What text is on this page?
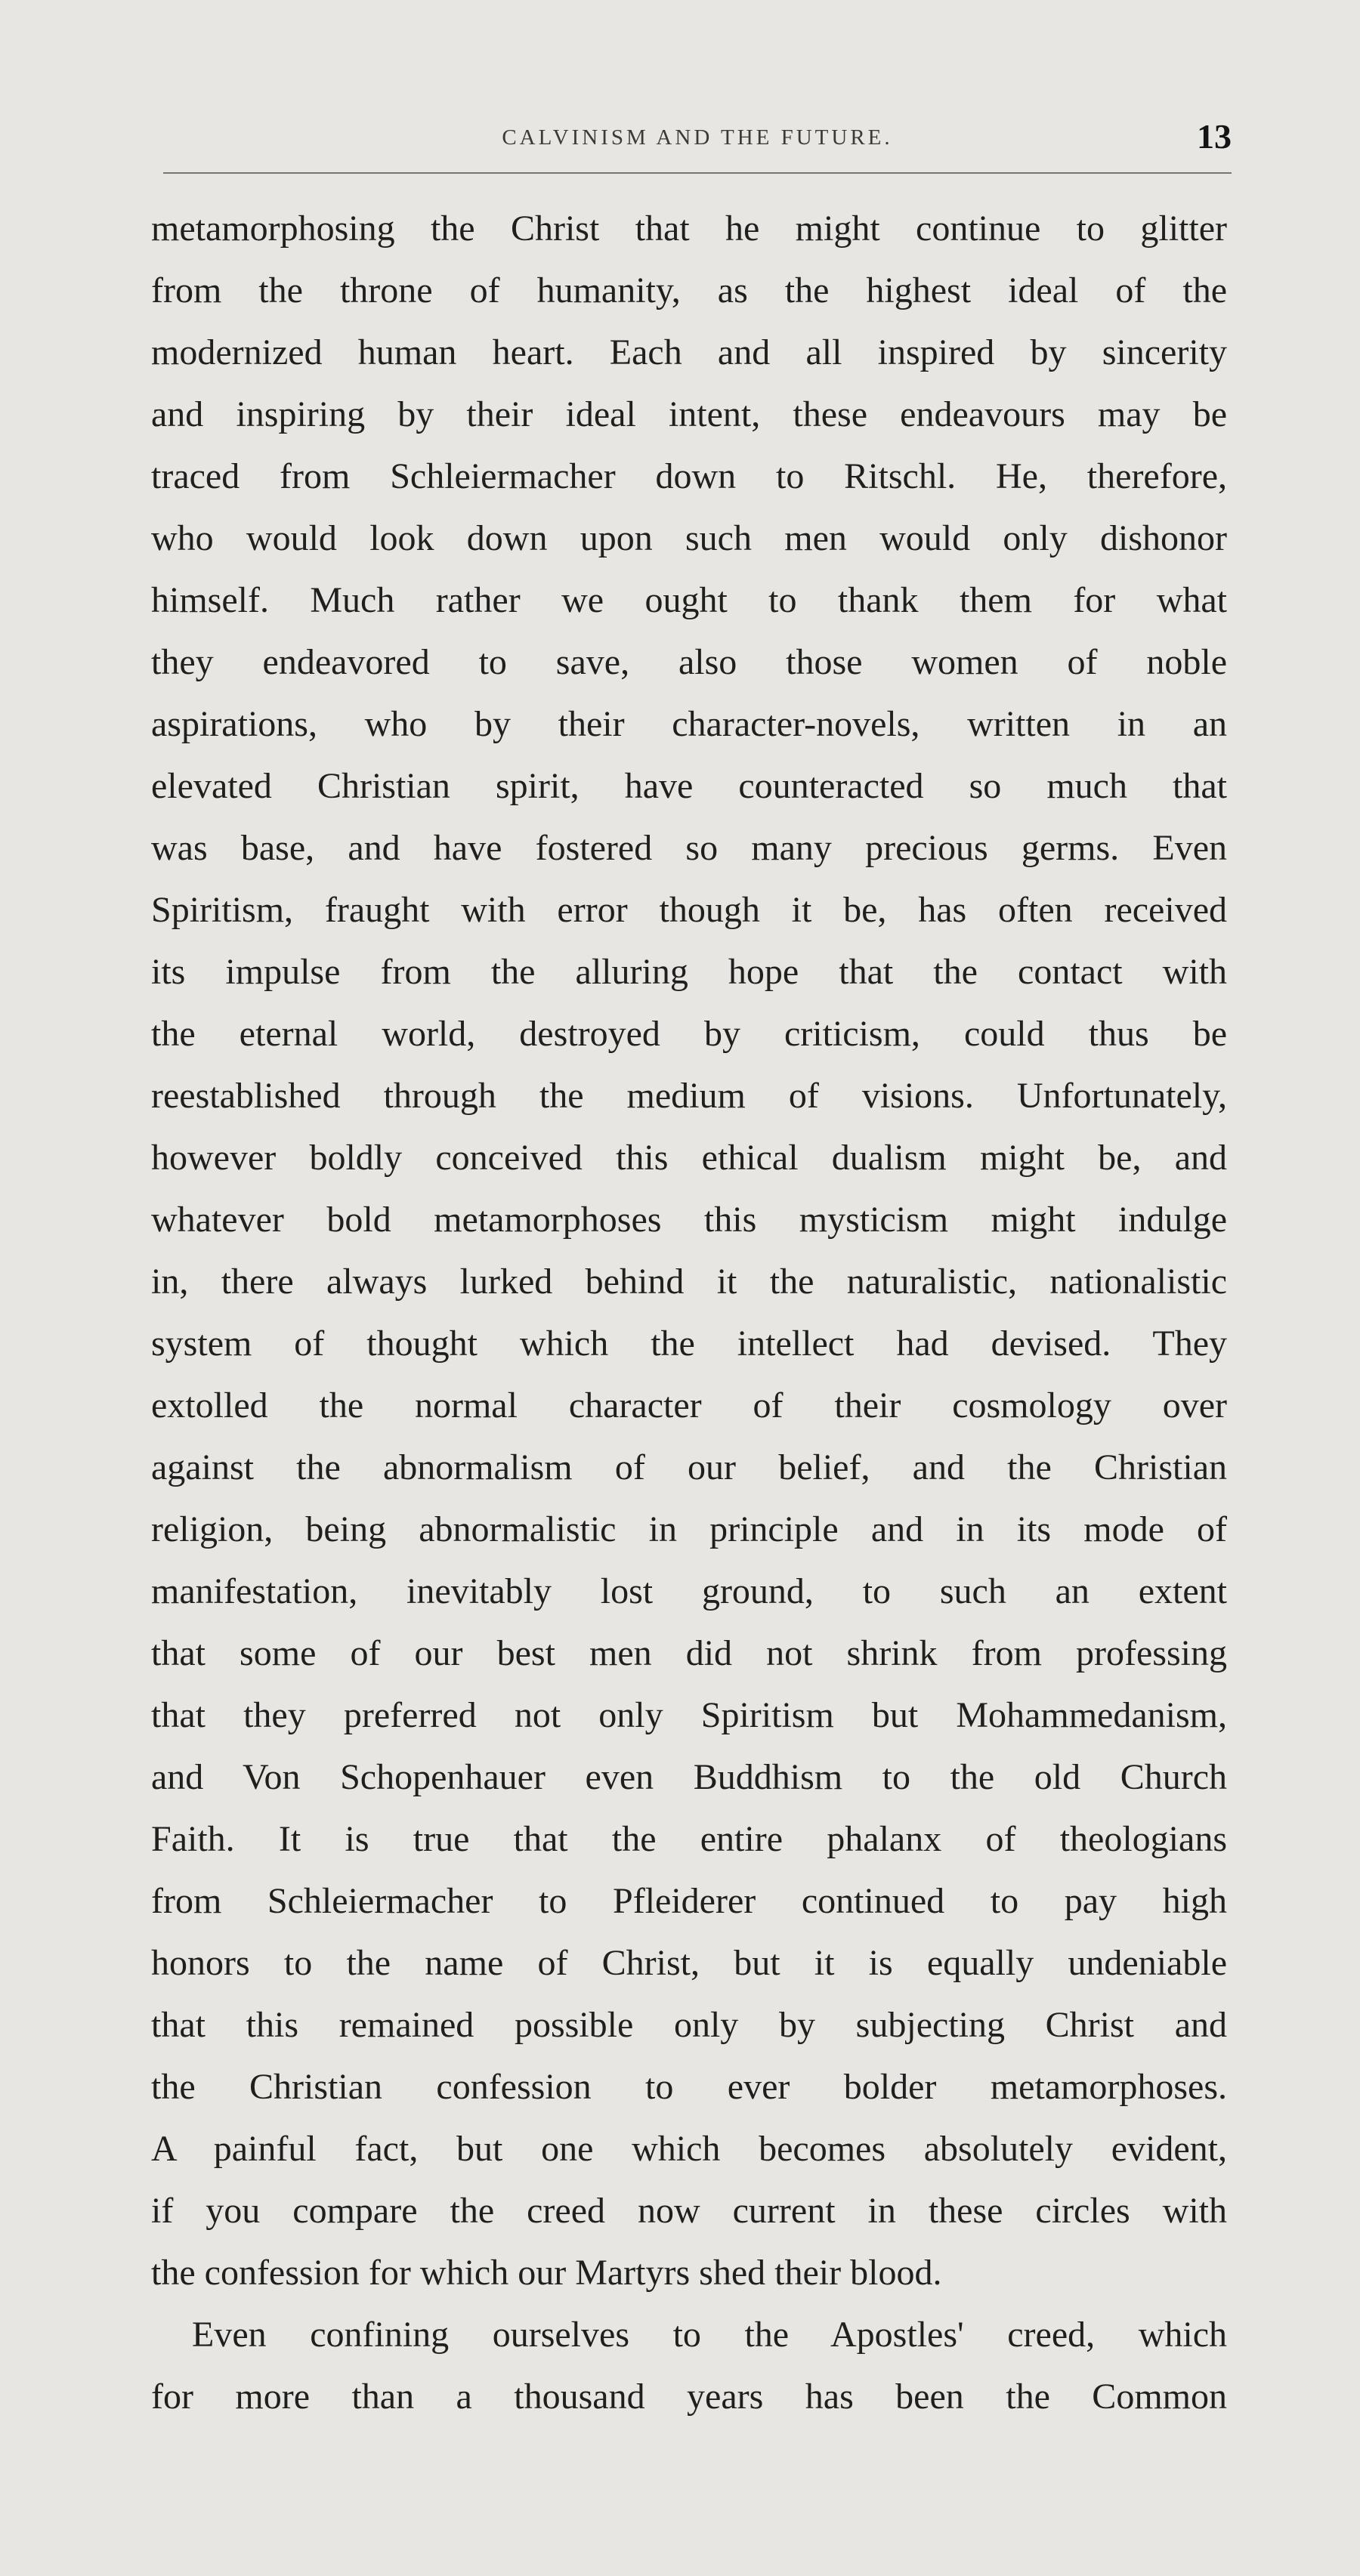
CALVINISM AND THE FUTURE.	13
metamorphosing the Christ that he might continue to glitter
from the throne of humanity, as the highest ideal of the
modernized human heart. Each and all inspired by sincerity
and inspiring by their ideal intent, these endeavours may be
traced from Schleiermacher down to Ritschl. He, therefore,
who would look down upon such men would only dishonor
himself. Much rather we ought to thank them for what
they endeavored to save, also those women of noble
aspirations, who by their character-novels, written in an
elevated Christian spirit, have counteracted so much that
was base, and have fostered so many precious germs. Even
Spiritism, fraught with error though it be, has often received
its impulse from the alluring hope that the contact with
the eternal world, destroyed by criticism, could thus be
reestablished through the medium of visions. Unfortunately,
however boldly conceived this ethical dualism might be, and
whatever bold metamorphoses this mysticism might indulge
in, there always lurked behind it the naturalistic, nationalistic
system of thought which the intellect had devised. They
extolled the normal character of their cosmology over
against the abnormalism of our belief, and the Christian
religion, being abnormalistic in principle and in its mode of
manifestation, inevitably lost ground, to such an extent
that some of our best men did not shrink from professing
that they preferred not only Spiritism but Mohammedanism,
and Von Schopenhauer even Buddhism to the old Church
Faith. It is true that the entire phalanx of theologians
from Schleiermacher to Pfleiderer continued to pay high
honors to the name of Christ, but it is equally undeniable
that this remained possible only by subjecting Christ and
the Christian confession to ever bolder metamorphoses.
A painful fact, but one which becomes absolutely evident,
if you compare the creed now current in these circles with
the confession for which our Martyrs shed their blood.
Even confining ourselves to the Apostles' creed, which
for more than a thousand years has been the Common
